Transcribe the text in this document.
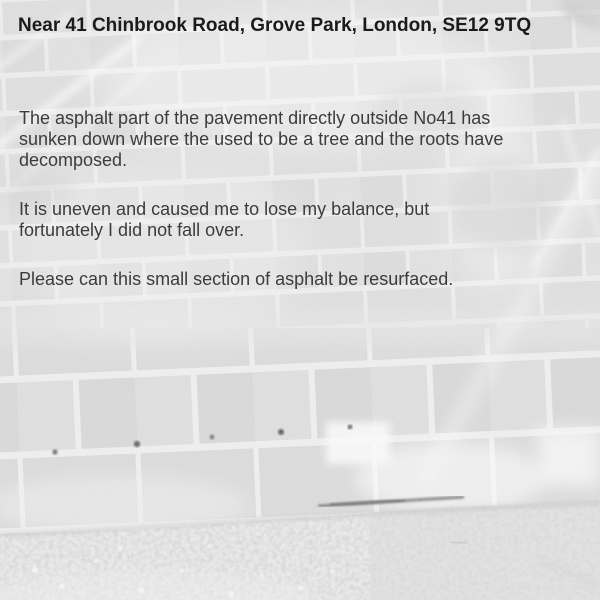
Near 41 Chinbrook Road, Grove Park, London, SE12 9TQ

The asphalt part of the pavement directly outside No41 has
sunken down where the used to be a tree and the roots have
decomposed.

It is uneven and caused me to lose my balance, but
fortunately I did not fall over.

Please can this small section of asphalt be resurfaced.
